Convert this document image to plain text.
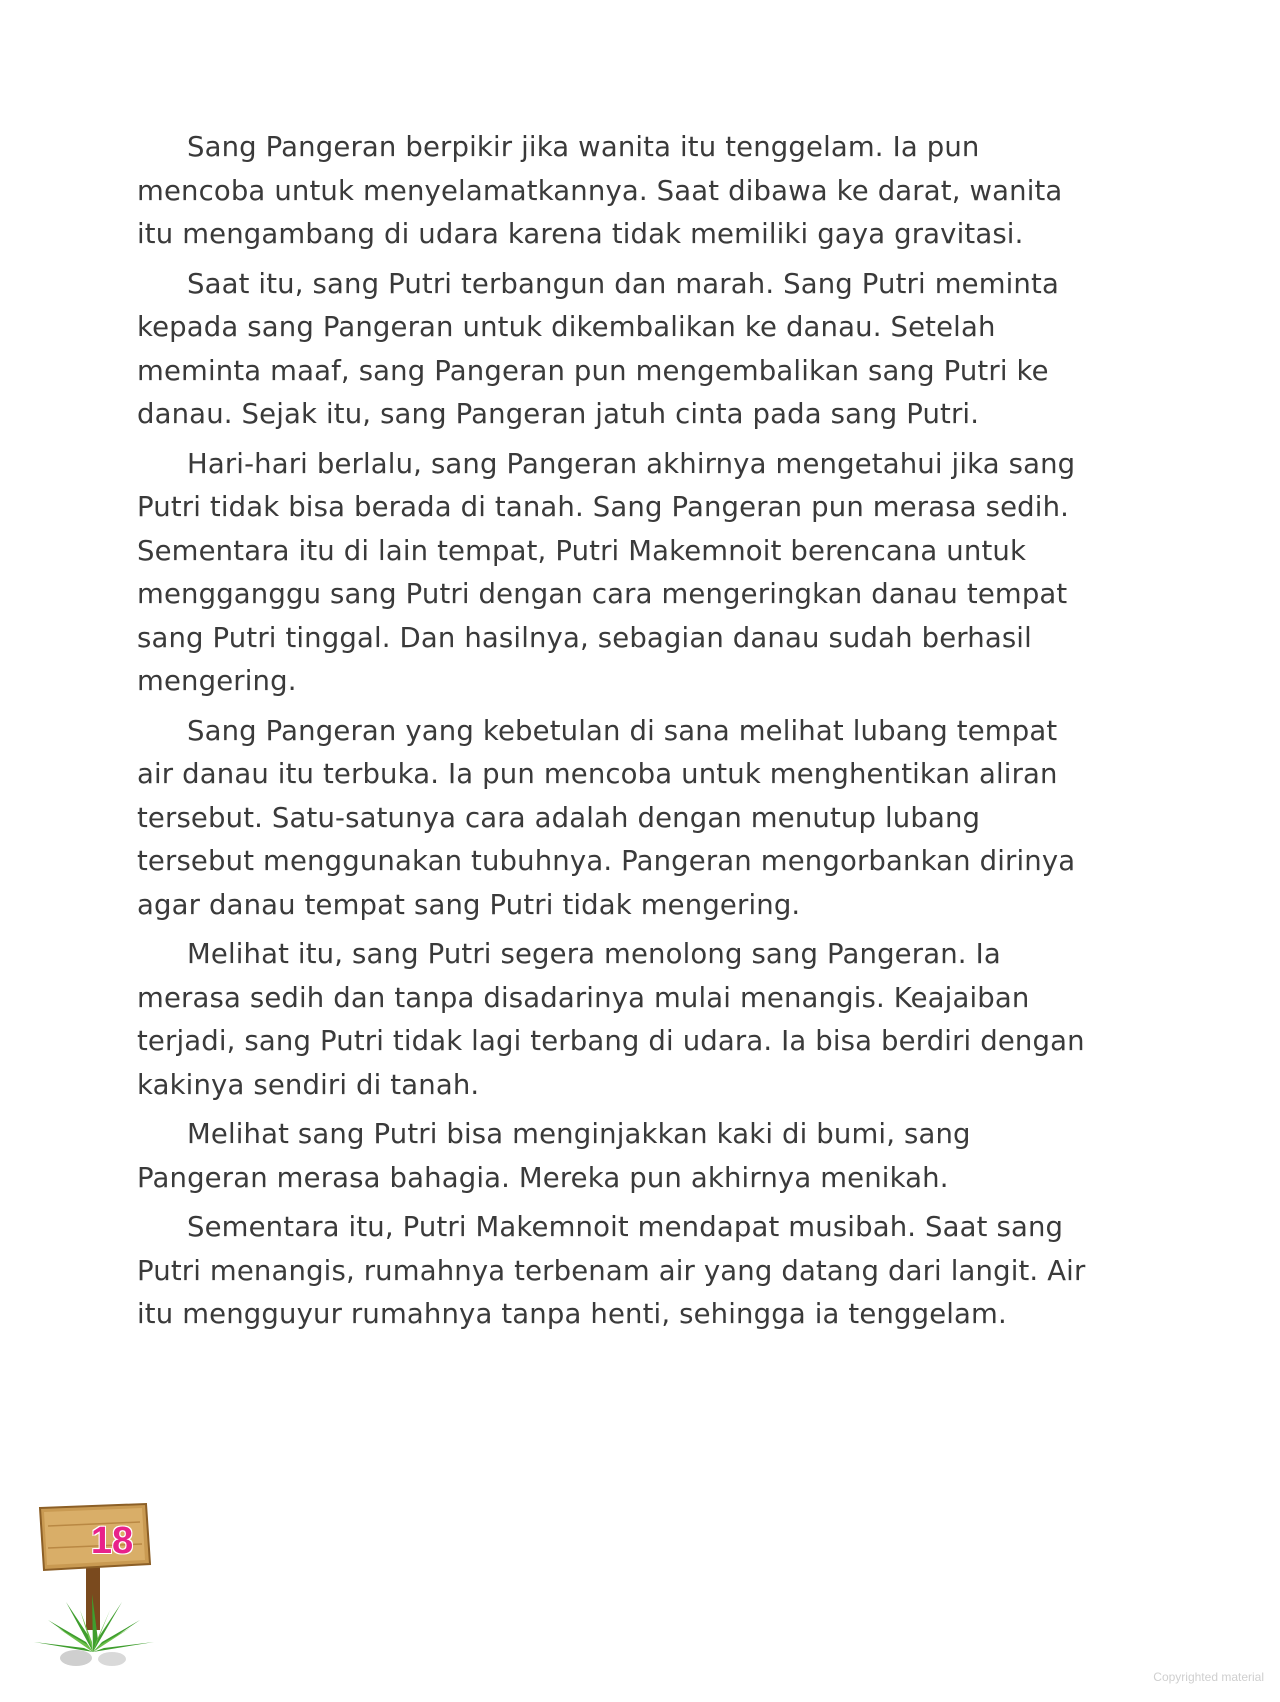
Sang Pangeran berpikir jika wanita itu tenggelam. Ia pun
mencoba untuk menyelamatkannya. Saat dibawa ke darat, wanita
itu mengambang di udara karena tidak memiliki gaya gravitasi.

Saat itu, sang Putri terbangun dan marah. Sang Putri meminta
kepada sang Pangeran untuk dikembalikan ke danau. Setelah
meminta maaf, sang Pangeran pun mengembalikan sang Putri ke
danau. Sejak itu, sang Pangeran jatuh cinta pada sang Putri.

Hari-hari berlalu, sang Pangeran akhirnya mengetahui jika sang
Putri tidak bisa berada di tanah. Sang Pangeran pun merasa sedih.
Sementara itu di lain tempat, Putri Makemnoit berencana untuk
mengganggu sang Putri dengan cara mengeringkan danau tempat
sang Putri tinggal. Dan hasilnya, sebagian danau sudah berhasil
mengering.

Sang Pangeran yang kebetulan di sana melihat lubang tempat
air danau itu terbuka. Ia pun mencoba untuk menghentikan aliran
tersebut. Satu-satunya cara adalah dengan menutup lubang
tersebut menggunakan tubuhnya. Pangeran mengorbankan dirinya
agar danau tempat sang Putri tidak mengering.

Melihat itu, sang Putri segera menolong sang Pangeran. Ia
merasa sedih dan tanpa disadarinya mulai menangis. Keajaiban
terjadi, sang Putri tidak lagi terbang di udara. Ia bisa berdiri dengan
kakinya sendiri di tanah.

Melihat sang Putri bisa menginjakkan kaki di bumi, sang
Pangeran merasa bahagia. Mereka pun akhirnya menikah.

Sementara itu, Putri Makemnoit mendapat musibah. Saat sang
Putri menangis, rumahnya terbenam air yang datang dari langit. Air
itu mengguyur rumahnya tanpa henti, sehingga ia tenggelam.

18
Copyrighted material
